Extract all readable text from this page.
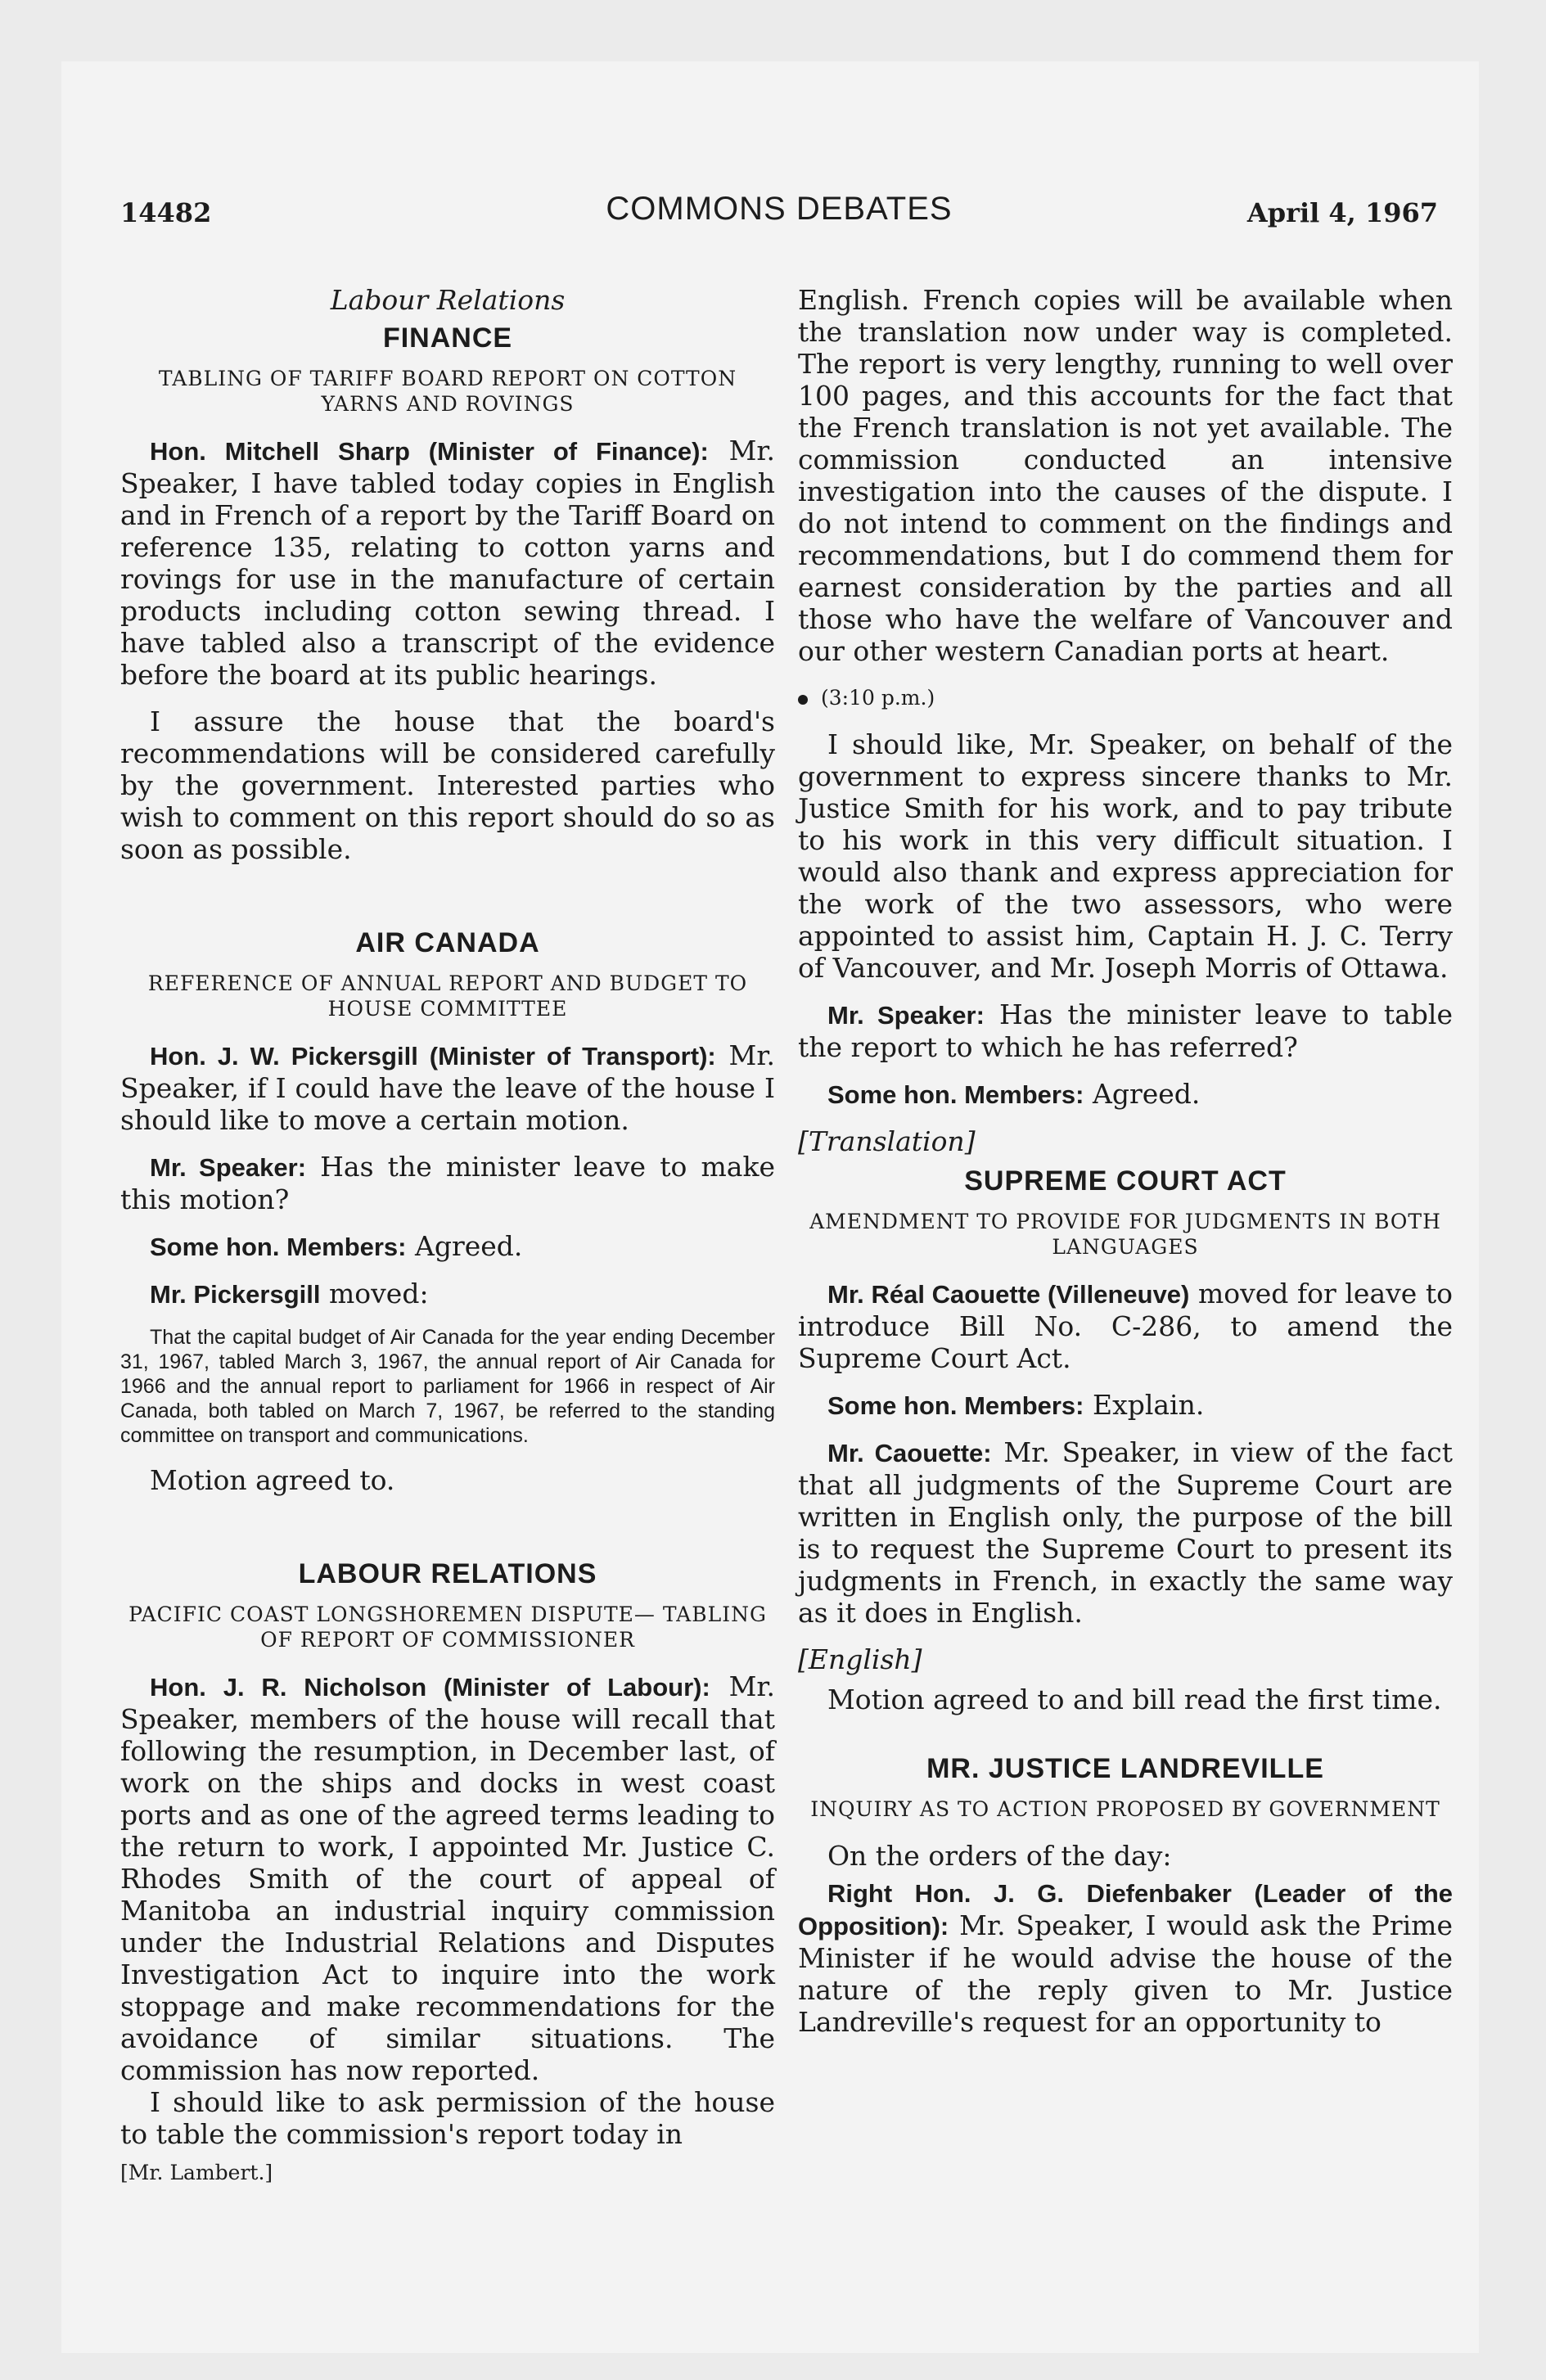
14482	COMMONS DEBATES	April 4, 1967
Labour Relations
FINANCE
TABLING OF TARIFF BOARD REPORT ON COTTON YARNS AND ROVINGS

Hon. Mitchell Sharp (Minister of Finance): Mr. Speaker, I have tabled today copies in English and in French of a report by the Tariff Board on reference 135, relating to cotton yarns and rovings for use in the manufacture of certain products including cotton sewing thread. I have tabled also a transcript of the evidence before the board at its public hearings.

I assure the house that the board's recommendations will be considered carefully by the government. Interested parties who wish to comment on this report should do so as soon as possible.

AIR CANADA
REFERENCE OF ANNUAL REPORT AND BUDGET TO HOUSE COMMITTEE

Hon. J. W. Pickersgill (Minister of Transport): Mr. Speaker, if I could have the leave of the house I should like to move a certain motion.

Mr. Speaker: Has the minister leave to make this motion?

Some hon. Members: Agreed.

Mr. Pickersgill moved:

That the capital budget of Air Canada for the year ending December 31, 1967, tabled March 3, 1967, the annual report of Air Canada for 1966 and the annual report to parliament for 1966 in respect of Air Canada, both tabled on March 7, 1967, be referred to the standing committee on transport and communications.

Motion agreed to.

LABOUR RELATIONS
PACIFIC COAST LONGSHOREMEN DISPUTE— TABLING OF REPORT OF COMMISSIONER

Hon. J. R. Nicholson (Minister of Labour): Mr. Speaker, members of the house will recall that following the resumption, in December last, of work on the ships and docks in west coast ports and as one of the agreed terms leading to the return to work, I appointed Mr. Justice C. Rhodes Smith of the court of appeal of Manitoba an industrial inquiry commission under the Industrial Relations and Disputes Investigation Act to inquire into the work stoppage and make recommendations for the avoidance of similar situations. The commission has now reported.

I should like to ask permission of the house to table the commission's report today in

[Mr. Lambert.]

English. French copies will be available when the translation now under way is completed. The report is very lengthy, running to well over 100 pages, and this accounts for the fact that the French translation is not yet available. The commission conducted an intensive investigation into the causes of the dispute. I do not intend to comment on the findings and recommendations, but I do commend them for earnest consideration by the parties and all those who have the welfare of Vancouver and our other western Canadian ports at heart.

(3:10 p.m.)

I should like, Mr. Speaker, on behalf of the government to express sincere thanks to Mr. Justice Smith for his work, and to pay tribute to his work in this very difficult situation. I would also thank and express appreciation for the work of the two assessors, who were appointed to assist him, Captain H. J. C. Terry of Vancouver, and Mr. Joseph Morris of Ottawa.

Mr. Speaker: Has the minister leave to table the report to which he has referred?

Some hon. Members: Agreed.

[Translation]
SUPREME COURT ACT
AMENDMENT TO PROVIDE FOR JUDGMENTS IN BOTH LANGUAGES

Mr. Réal Caouette (Villeneuve) moved for leave to introduce Bill No. C-286, to amend the Supreme Court Act.

Some hon. Members: Explain.

Mr. Caouette: Mr. Speaker, in view of the fact that all judgments of the Supreme Court are written in English only, the purpose of the bill is to request the Supreme Court to present its judgments in French, in exactly the same way as it does in English.

[English]

Motion agreed to and bill read the first time.

MR. JUSTICE LANDREVILLE
INQUIRY AS TO ACTION PROPOSED BY GOVERNMENT

On the orders of the day:

Right Hon. J. G. Diefenbaker (Leader of the Opposition): Mr. Speaker, I would ask the Prime Minister if he would advise the house of the nature of the reply given to Mr. Justice Landreville's request for an opportunity to
